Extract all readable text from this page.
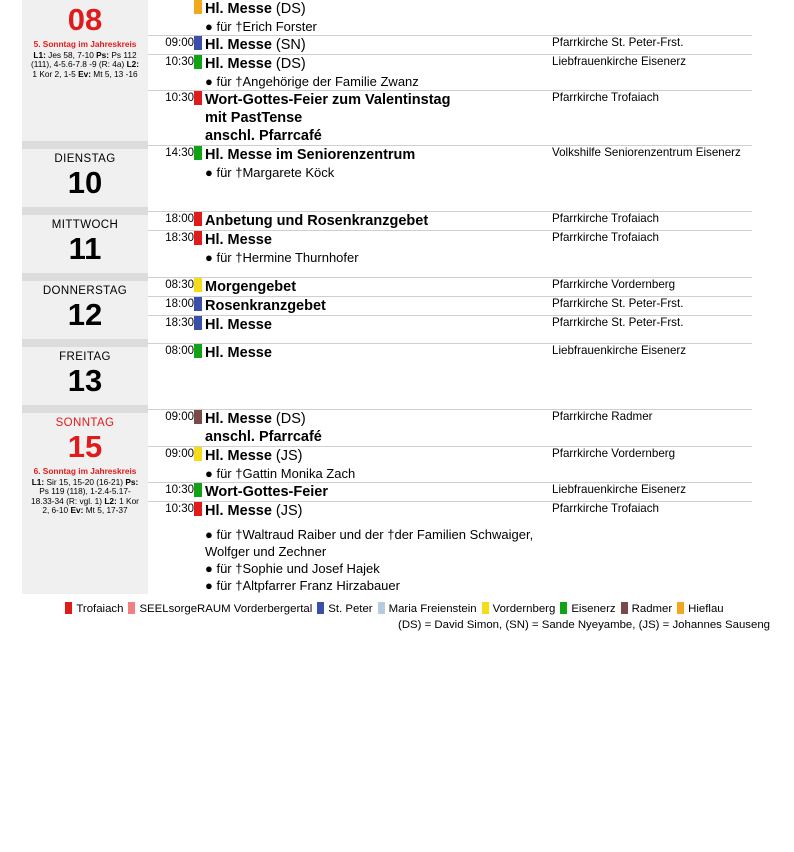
08
5. Sonntag im Jahreskreis
L1: Jes 58, 7-10 Ps: Ps 112 (111), 4-5.6-7.8 -9 (R: 4a) L2: 1 Kor 2, 1-5 Ev: Mt 5, 13 -16

Hl. Messe (DS)
● für †Erich Forster

09:00		Hl. Messe (SN)	Pfarrkirche St. Peter-Frst.
10:30		Hl. Messe (DS)
● für †Angehörige der Familie Zwanz
	Liebfrauenkirche Eisenerz
10:30		Wort-Gottes-Feier zum Valentinstag
mit PastTense
anschl. Pfarrcafé
	Pfarrkirche Trofaiach

DIENSTAG
10

14:30		Hl. Messe im Seniorenzentrum
● für †Margarete Köck
	Volkshilfe Seniorenzentrum Eisenerz

MITTWOCH
11

18:00		Anbetung und Rosenkranzgebet	Pfarrkirche Trofaiach
18:30		Hl. Messe
● für †Hermine Thurnhofer
	Pfarrkirche Trofaiach

DONNERSTAG
12

08:30		Morgengebet	Pfarrkirche Vordernberg
18:00		Rosenkranzgebet	Pfarrkirche St. Peter-Frst.
18:30		Hl. Messe	Pfarrkirche St. Peter-Frst.

FREITAG
13

08:00		Hl. Messe	Liebfrauenkirche Eisenerz

SONNTAG
15
6. Sonntag im Jahreskreis
L1: Sir 15, 15-20 (16-21) Ps: Ps 119 (118), 1-2.4-5.17-18.33-34 (R: vgl. 1) L2: 1 Kor 2, 6-10 Ev: Mt 5, 17-37

09:00		Hl. Messe (DS)
anschl. Pfarrcafé
	Pfarrkirche Radmer
09:00		Hl. Messe (JS)
● für †Gattin Monika Zach
	Pfarrkirche Vordernberg
10:30		Wort-Gottes-Feier	Liebfrauenkirche Eisenerz
10:30		Hl. Messe (JS)
● für †Waltraud Raiber und der †der Familien Schwaiger, Wolfger und Zechner
● für †Sophie und Josef Hajek
● für †Altpfarrer Franz Hirzabauer
	Pfarrkirche Trofaiach
Trofaiach SEELsorgeRAUM Vorderbergertal St. Peter Maria Freienstein Vordernberg Eisenerz Radmer Hieflau
(DS) = David Simon, (SN) = Sande Nyeyambe, (JS) = Johannes Sauseng
